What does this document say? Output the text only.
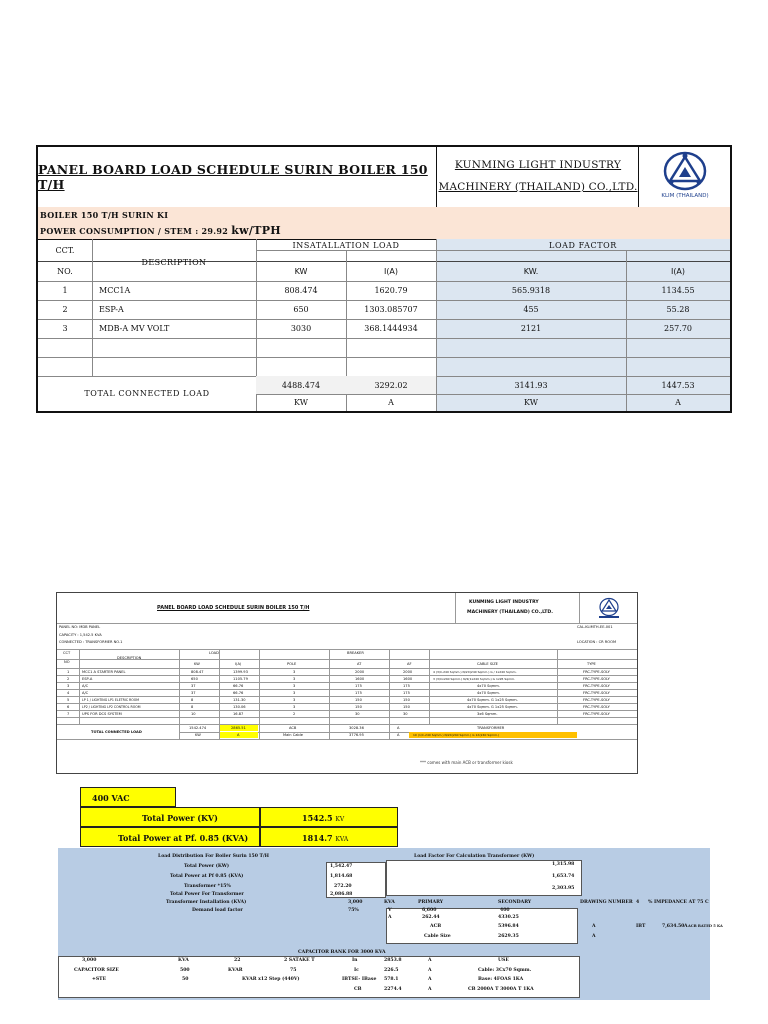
PANEL BOARD LOAD SCHEDULE SURIN BOILER 150 T/H
KUNMING LIGHT INDUSTRY
MACHINERY (THAILAND) CO.,LTD.
KLIM (THAILAND)
BOILER 150 T/H SURIN KI
POWER CONSUMPTION / STEM : 29.92 kw/TPH
CCT.
NO.
DESCRIPTION
INSATALLATION LOAD	LOAD FACTOR
KW	I(A)	KW.	I(A)
1	MCC1A	808.474	1620.79	565.9318	1134.55
2	ESP-A	650	1303.085707	455	55.28
3	MDB-A MV VOLT	3030	368.1444934	2121	257.70
4488.474	3292.02	3141.93	1447.53
TOTAL CONNECTED LOAD
KW	A	KW	A
PANEL BOARD LOAD SCHEDULE SURIN BOILER 150 T/H
KUNMING LIGHT INDUSTRY
MACHINERY (THAILAND) CO.,LTD.
PANEL NO: MDB PANEL	CAL-KLIMTH-EE-001
CAPACITY : 1,542.5 KVA
CONNECTED : TRANSFORMER NO.1	LOCATION : CR ROOM
CCT
NO
DESCRIPTION
LOAD
KW	I(A)	POLE
BREAKER
AT	AF	CABLE SIZE	TYPE
1	MCC1 A STARTER PANEL	808.47	1399.93	3	2000	2000	4 (3/C-240 Sqmm.) N/2X(240 Sqmm.) G / 1x240 Sqmm.	FRC-TYPE-SOLY
2	ESP-A	650	1105.79	3	1600	1600	3 (3/Cx240 Sqmm.) N/2(1x240 Sqmm.) G 1x95 Sqmm.	FRC-TYPE-SOLY
3	A/C	37	66.76	3	175	175	4x70 Sqmm.	FRC-TYPE-SOLY
4	A/C	37	66.76	3	175	175	4x70 Sqmm.	FRC-TYPE-SOLY
5	LP 1 / LIGHTING LP1 ELETRIC ROOM	8	131.30	3	150	150	4x70 Sqmm. G 1x25 Sqmm.	FRC-TYPE-SOLY
6	LP2 / LIGHTING LP2 CONTROL ROOM	8	130.06	3	150	150	4x70 Sqmm. G 1x25 Sqmm.	FRC-TYPE-SOLY
7	UPS FOR DCS SYSTEM	10	16.87	2	30	30	3x6 Sqmm.	FRC-TYPE-SOLY
TOTAL CONNECTED LOAD
1542.474	2865.51
KW	A
ACB	3028.36	A
Main Cable	3776.95	A
TRANSFORMER
10 (1/C-240 Sqmm.) N/2X(240 Sqmm.) G 1X(240 Sqmm.)
*** comes with main ACB or transformer kiosk
400 VAC
Total Power (KV)	1542.5 KV
Total Power at Pf. 0.85 (KVA)	1814.7 KVA
Load Distribution For Boiler Surin 150 T/H	Load Factor For Calculation Transformer (KW)
Total Power (KW)	1,542.47	1,315.98
Total Power at Pf 0.85 (KVA)	1,814.68	1,653.74
Transformer *15%	272.20	2,303.95
Total Power For Transformer	2,086.88
Transformer Installation (KVA)	3,000	KVA	PRIMARY	SECONDARY	DRAWING NUMBER 4 % IMPEDANCE AT 75 C
Demand load factor	75%	V	6,600	400
A	262.44	4330.25
ACB	5396.84	A
Cable Size	2629.35	A
IBT	7,634.50 A ACB RATED 5 KA
CAPACITOR BANK FOR 3000 KVA
3,000	KVA	22	2 SATAKE T	In	2853.8	A	USE
CAPACITOR SIZE	500	KVAR	75	Ic	226.5	A	Cable: 3Cx70 Sqmm.
+STE	50	KVAR x12 Step (440V)	IBTSE- IBase 578.1	A	Base: 4FOAS 1KA
CB	2274.4	A	CB 2000A T 3000A T 1KA
